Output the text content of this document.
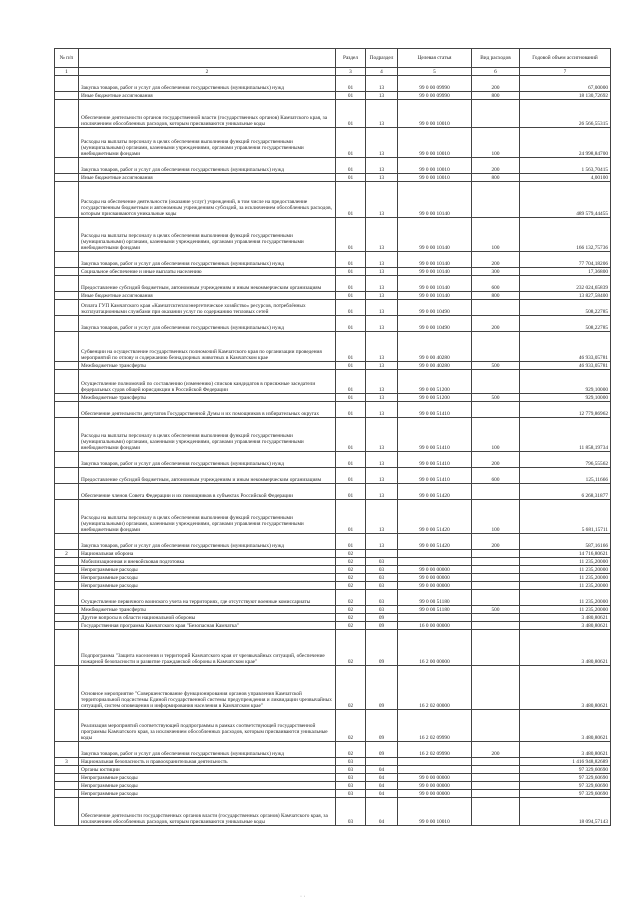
№ п/п		Раздел	Подраздел	Целевая статья	Вид расходов	Годовой объем ассигнований
1	2	3	4	5	6	7
	Закупка товаров, работ и услуг для обеспечения государственных (муниципальных) нужд	01	13	99 0 00 09990	200	67,00000
	Иные бюджетные ассигнования	01	13	99 0 00 09990	800	18 130,72692
	Обеспечение деятельности органов государственной власти (государственных органов) Камчатского края, за исключением обособленных расходов, которым присваиваются уникальные коды	01	13	99 0 00 10010		26 566,55315
	Расходы на выплаты персоналу в целях обеспечения выполнения функций государственными (муниципальными) органами, казенными учреждениями, органами управления государственными внебюджетными фондами	01	13	99 0 00 10010	100	24 998,84700
	Закупка товаров, работ и услуг для обеспечения государственных (муниципальных) нужд	01	13	99 0 00 10010	200	1 563,70415
	Иные бюджетные ассигнования	01	13	99 0 00 10010	800	4,00100
	Расходы на обеспечение деятельности (оказание услуг) учреждений, в том числе на предоставление государственным бюджетным и автономным учреждениям субсидий, за исключением обособленных расходов, которым присваиваются уникальные коды	01	13	99 0 00 10140		489 579,44455
	Расходы на выплаты персоналу в целях обеспечения выполнения функций государственными (муниципальными) органами, казенными учреждениями, органами управления государственными внебюджетными фондами	01	13	99 0 00 10140	100	166 132,75736
	Закупка товаров, работ и услуг для обеспечения государственных (муниципальных) нужд	01	13	99 0 00 10140	200	77 704,18206
	Социальное обеспечение и иные выплаты населению	01	13	99 0 00 10140	300	17,36800
	Предоставление субсидий бюджетным, автономным учреждениям и иным некоммерческим организациям	01	13	99 0 00 10140	600	232 024,65839
	Иные бюджетные ассигнования	01	13	99 0 00 10140	800	13 827,58400
	Оплата ГУП Камчатского края «Камчатсктеплоэнергетическое хозяйство» ресурсов, потреблённых эксплуатационными службами при оказании услуг по содержанию тепловых сетей	01	13	99 0 00 10490		508,22785
	Закупка товаров, работ и услуг для обеспечения государственных (муниципальных) нужд	01	13	99 0 00 10490	200	508,22785
	Субвенции на осуществление государственных полномочий Камчатского края по организации проведения мероприятий по отлову и содержанию безнадзорных животных в Камчатском крае	01	13	99 0 00 40280		46 933,05781
	Межбюджетные трансферты	01	13	99 0 00 40280	500	46 933,05781
	Осуществление полномочий по составлению (изменению) списков кандидатов в присяжные заседатели федеральных судов общей юрисдикции в Российской Федерации	01	13	99 0 00 51200		929,10000
	Межбюджетные трансферты	01	13	99 0 00 51200	500	929,10000
	Обеспечение деятельности депутатов Государственной Думы и их помощников в избирательных округах	01	13	99 0 00 51410		12 779,86962
	Расходы на выплаты персоналу в целях обеспечения выполнения функций государственными (муниципальными) органами, казенными учреждениями, органами управления государственными внебюджетными фондами	01	13	99 0 00 51410	100	11 858,19734
	Закупка товаров, работ и услуг для обеспечения государственных (муниципальных) нужд	01	13	99 0 00 51410	200	796,55562
	Предоставление субсидий бюджетным, автономным учреждениям и иным некоммерческим организациям	01	13	99 0 00 51410	600	125,11666
	Обеспечение членов Совета Федерации и их помощников в субъектах Российской Федерации	01	13	99 0 00 51420		6 268,31877
	Расходы на выплаты персоналу в целях обеспечения выполнения функций государственными (муниципальными) органами, казенными учреждениями, органами управления государственными внебюджетными фондами	01	13	99 0 00 51420	100	5 681,15711
	Закупка товаров, работ и услуг для обеспечения государственных (муниципальных) нужд	01	13	99 0 00 51420	200	587,16166
2	Национальная оборона	02				14 716,80621
	Мобилизационная и вневойсковая подготовка	02	03			11 235,20000
	Непрограммные расходы	02	03	99 0 00 00000		11 235,20000
	Непрограммные расходы	02	03	99 0 00 00000		11 235,20000
	Непрограммные расходы	02	03	99 0 00 00000		11 235,20000
	Осуществление первичного воинского учета на территориях, где отсутствуют военные комиссариаты	02	03	99 0 00 51180		11 235,20000
	Межбюджетные трансферты	02	03	99 0 00 51180	500	11 235,20000
	Другие вопросы в области национальной обороны	02	09			3 480,80621
	Государственная программа Камчатского края "Безопасная Камчатка"	02	09	16 0 00 00000		3 480,80621
	Подпрограмма "Защита населения и территорий Камчатского края от чрезвычайных ситуаций, обеспечение пожарной безопасности и развитие гражданской обороны в Камчатском крае"	02	09	16 2 00 00000		3 480,80621
	Основное мероприятие "Совершенствование функционирования органов управления Камчатской территориальной подсистемы Единой государственной системы предупреждения и ликвидации чрезвычайных ситуаций, систем оповещения и информирования населения в Камчатском крае"	02	09	16 2 02 00000		3 480,80621
	Реализация мероприятий соответствующей подпрограммы в рамках соответствующей государственной программы Камчатского края, за исключением обособленных расходов, которым присваиваются уникальные коды	02	09	16 2 02 09990		3 480,80621
	Закупка товаров, работ и услуг для обеспечения государственных (муниципальных) нужд	02	09	16 2 02 09990	200	3 480,80621
3	Национальная безопасность и правоохранительная деятельность	03				1 416 948,82689
	Органы юстиции	03	04			97 329,60690
	Непрограммные расходы	03	04	99 0 00 00000		97 329,60690
	Непрограммные расходы	03	04	99 0 00 00000		97 329,60690
	Непрограммные расходы	03	04	99 0 00 00000		97 329,60690
	Обеспечение деятельности государственных органов власти (государственных органов) Камчатского края, за исключением обособленных расходов, которым присваиваются уникальные коды	03	04	99 0 00 10010		18 094,57143
· ·
